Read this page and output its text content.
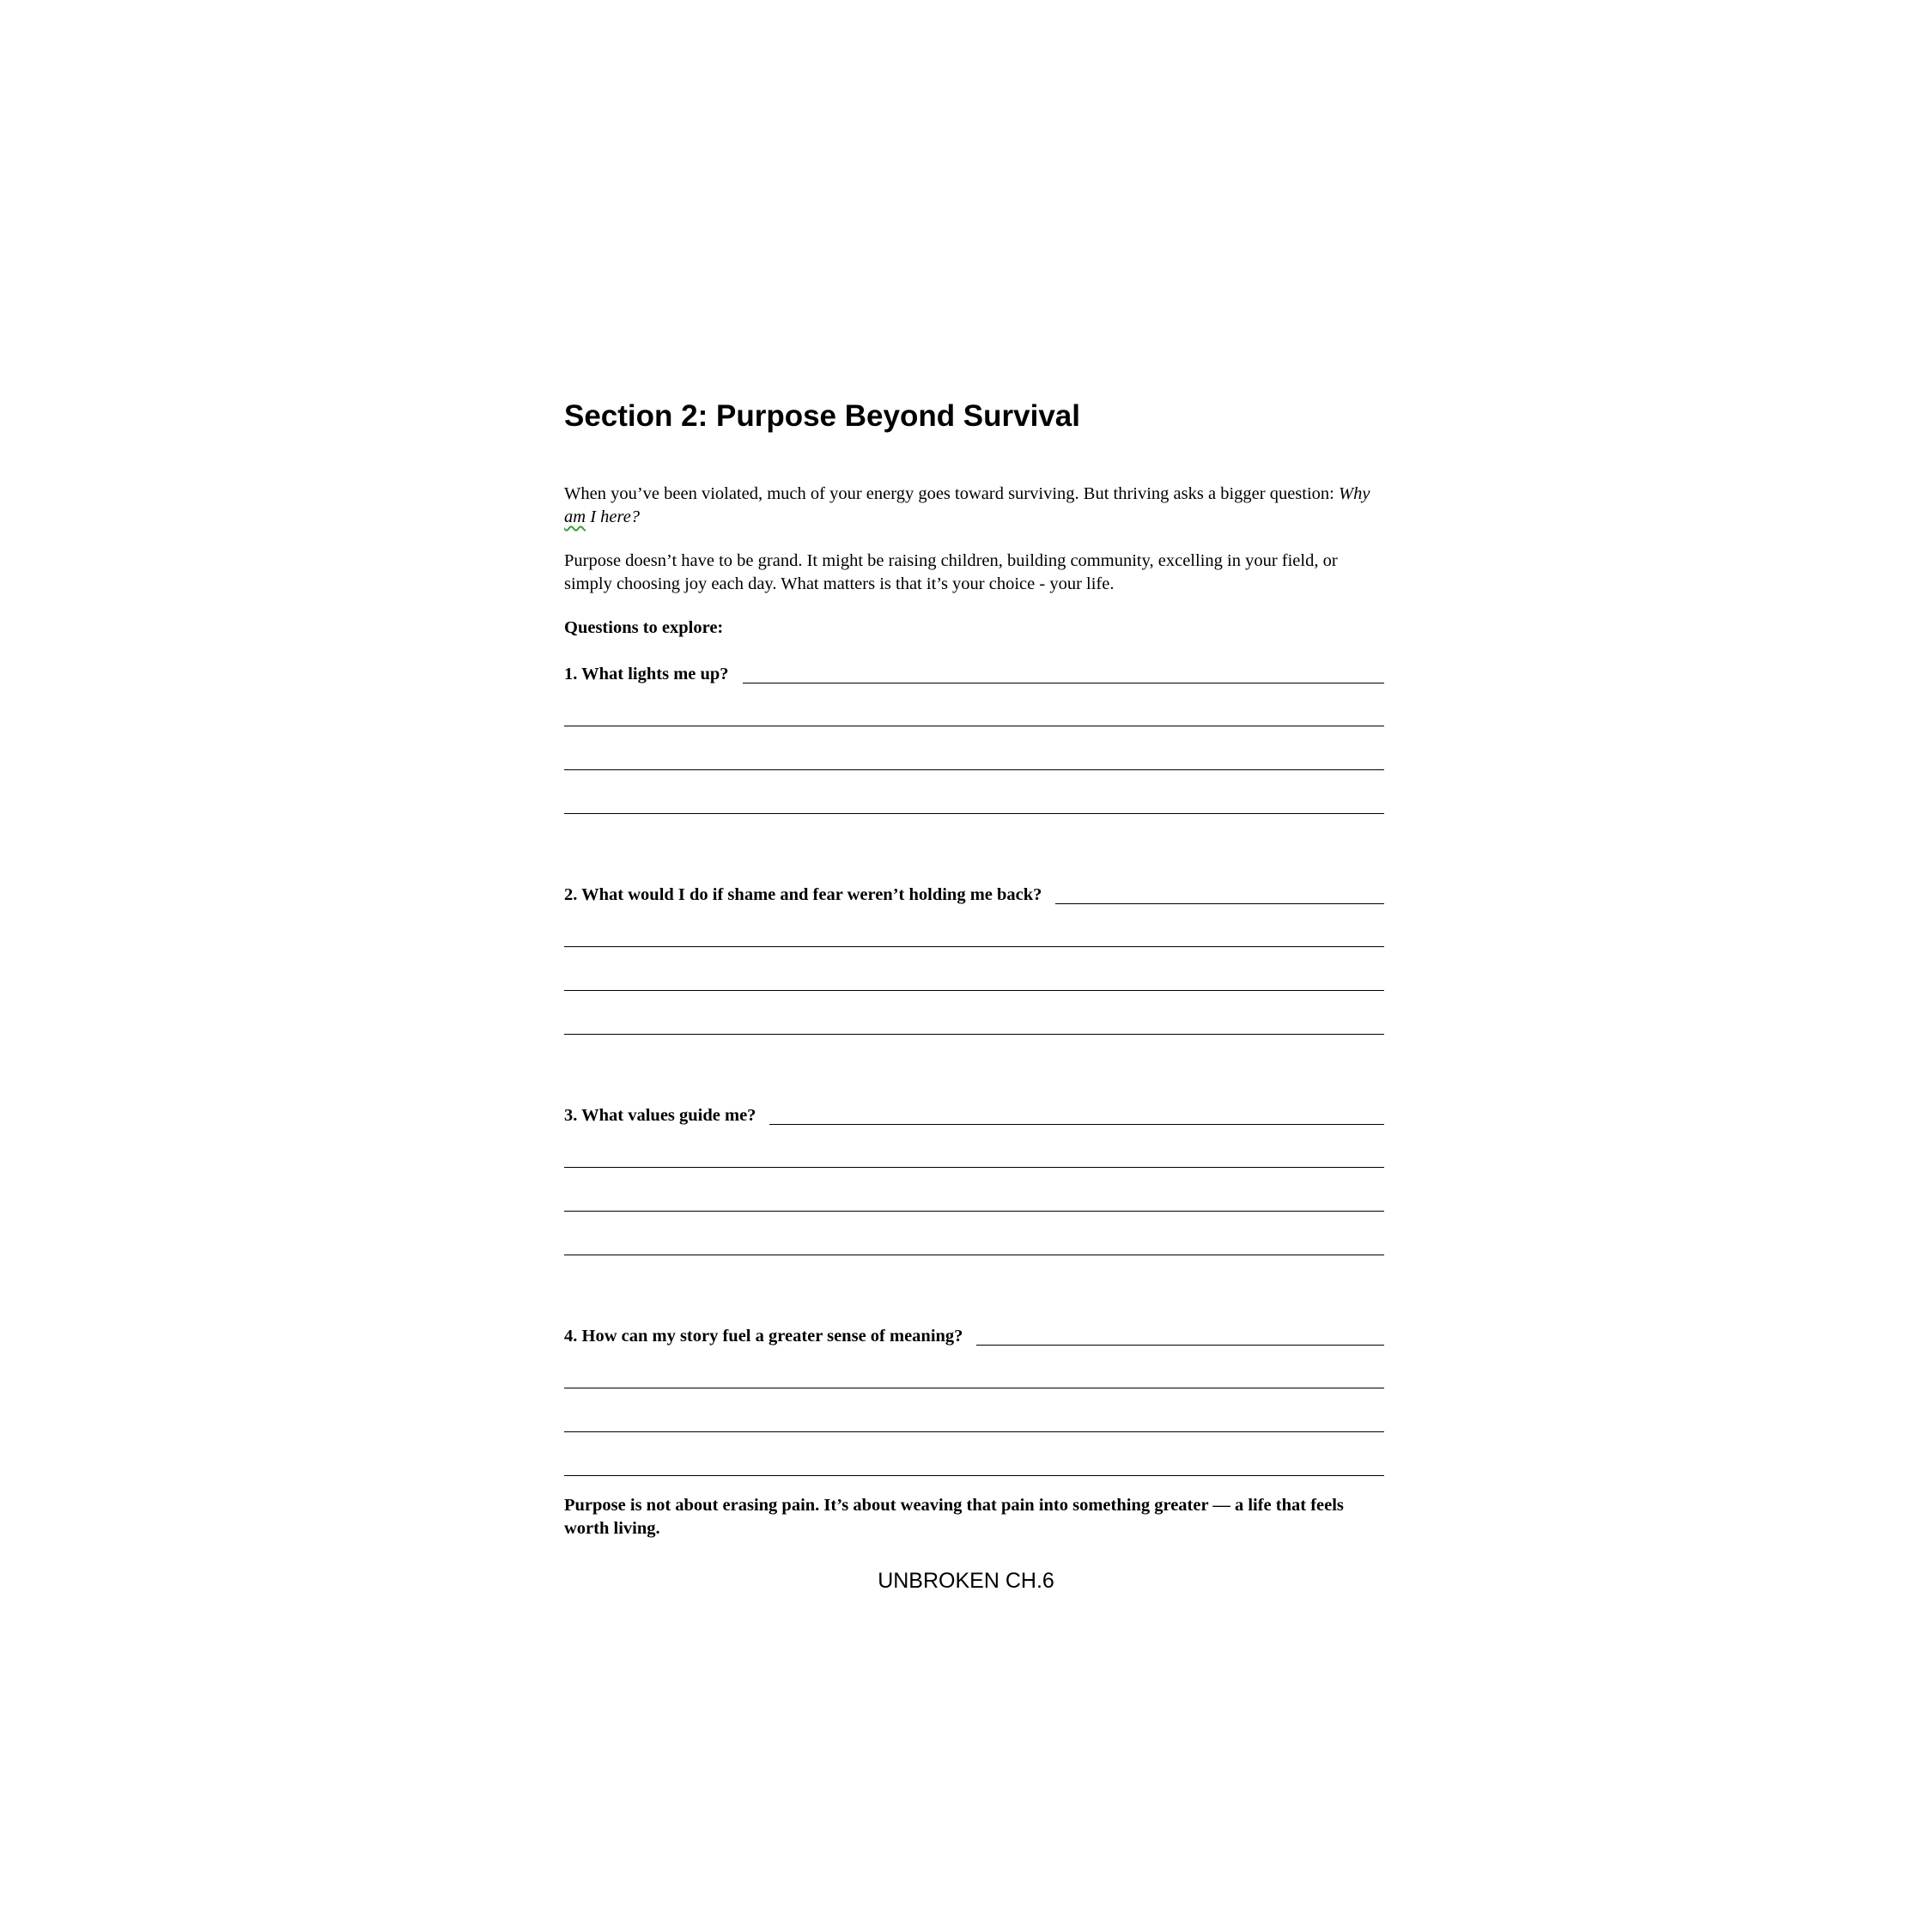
Section 2: Purpose Beyond Survival

When you’ve been violated, much of your energy goes toward surviving. But thriving asks a bigger question: Why am I here?

Purpose doesn’t have to be grand. It might be raising children, building community, excelling in your field, or simply choosing joy each day. What matters is that it’s your choice - your life.

Questions to explore:

1. What lights me up?
2. What would I do if shame and fear weren’t holding me back?
3. What values guide me?
4. How can my story fuel a greater sense of meaning?

Purpose is not about erasing pain. It’s about weaving that pain into something greater — a life that feels worth living.

UNBROKEN CH.6
